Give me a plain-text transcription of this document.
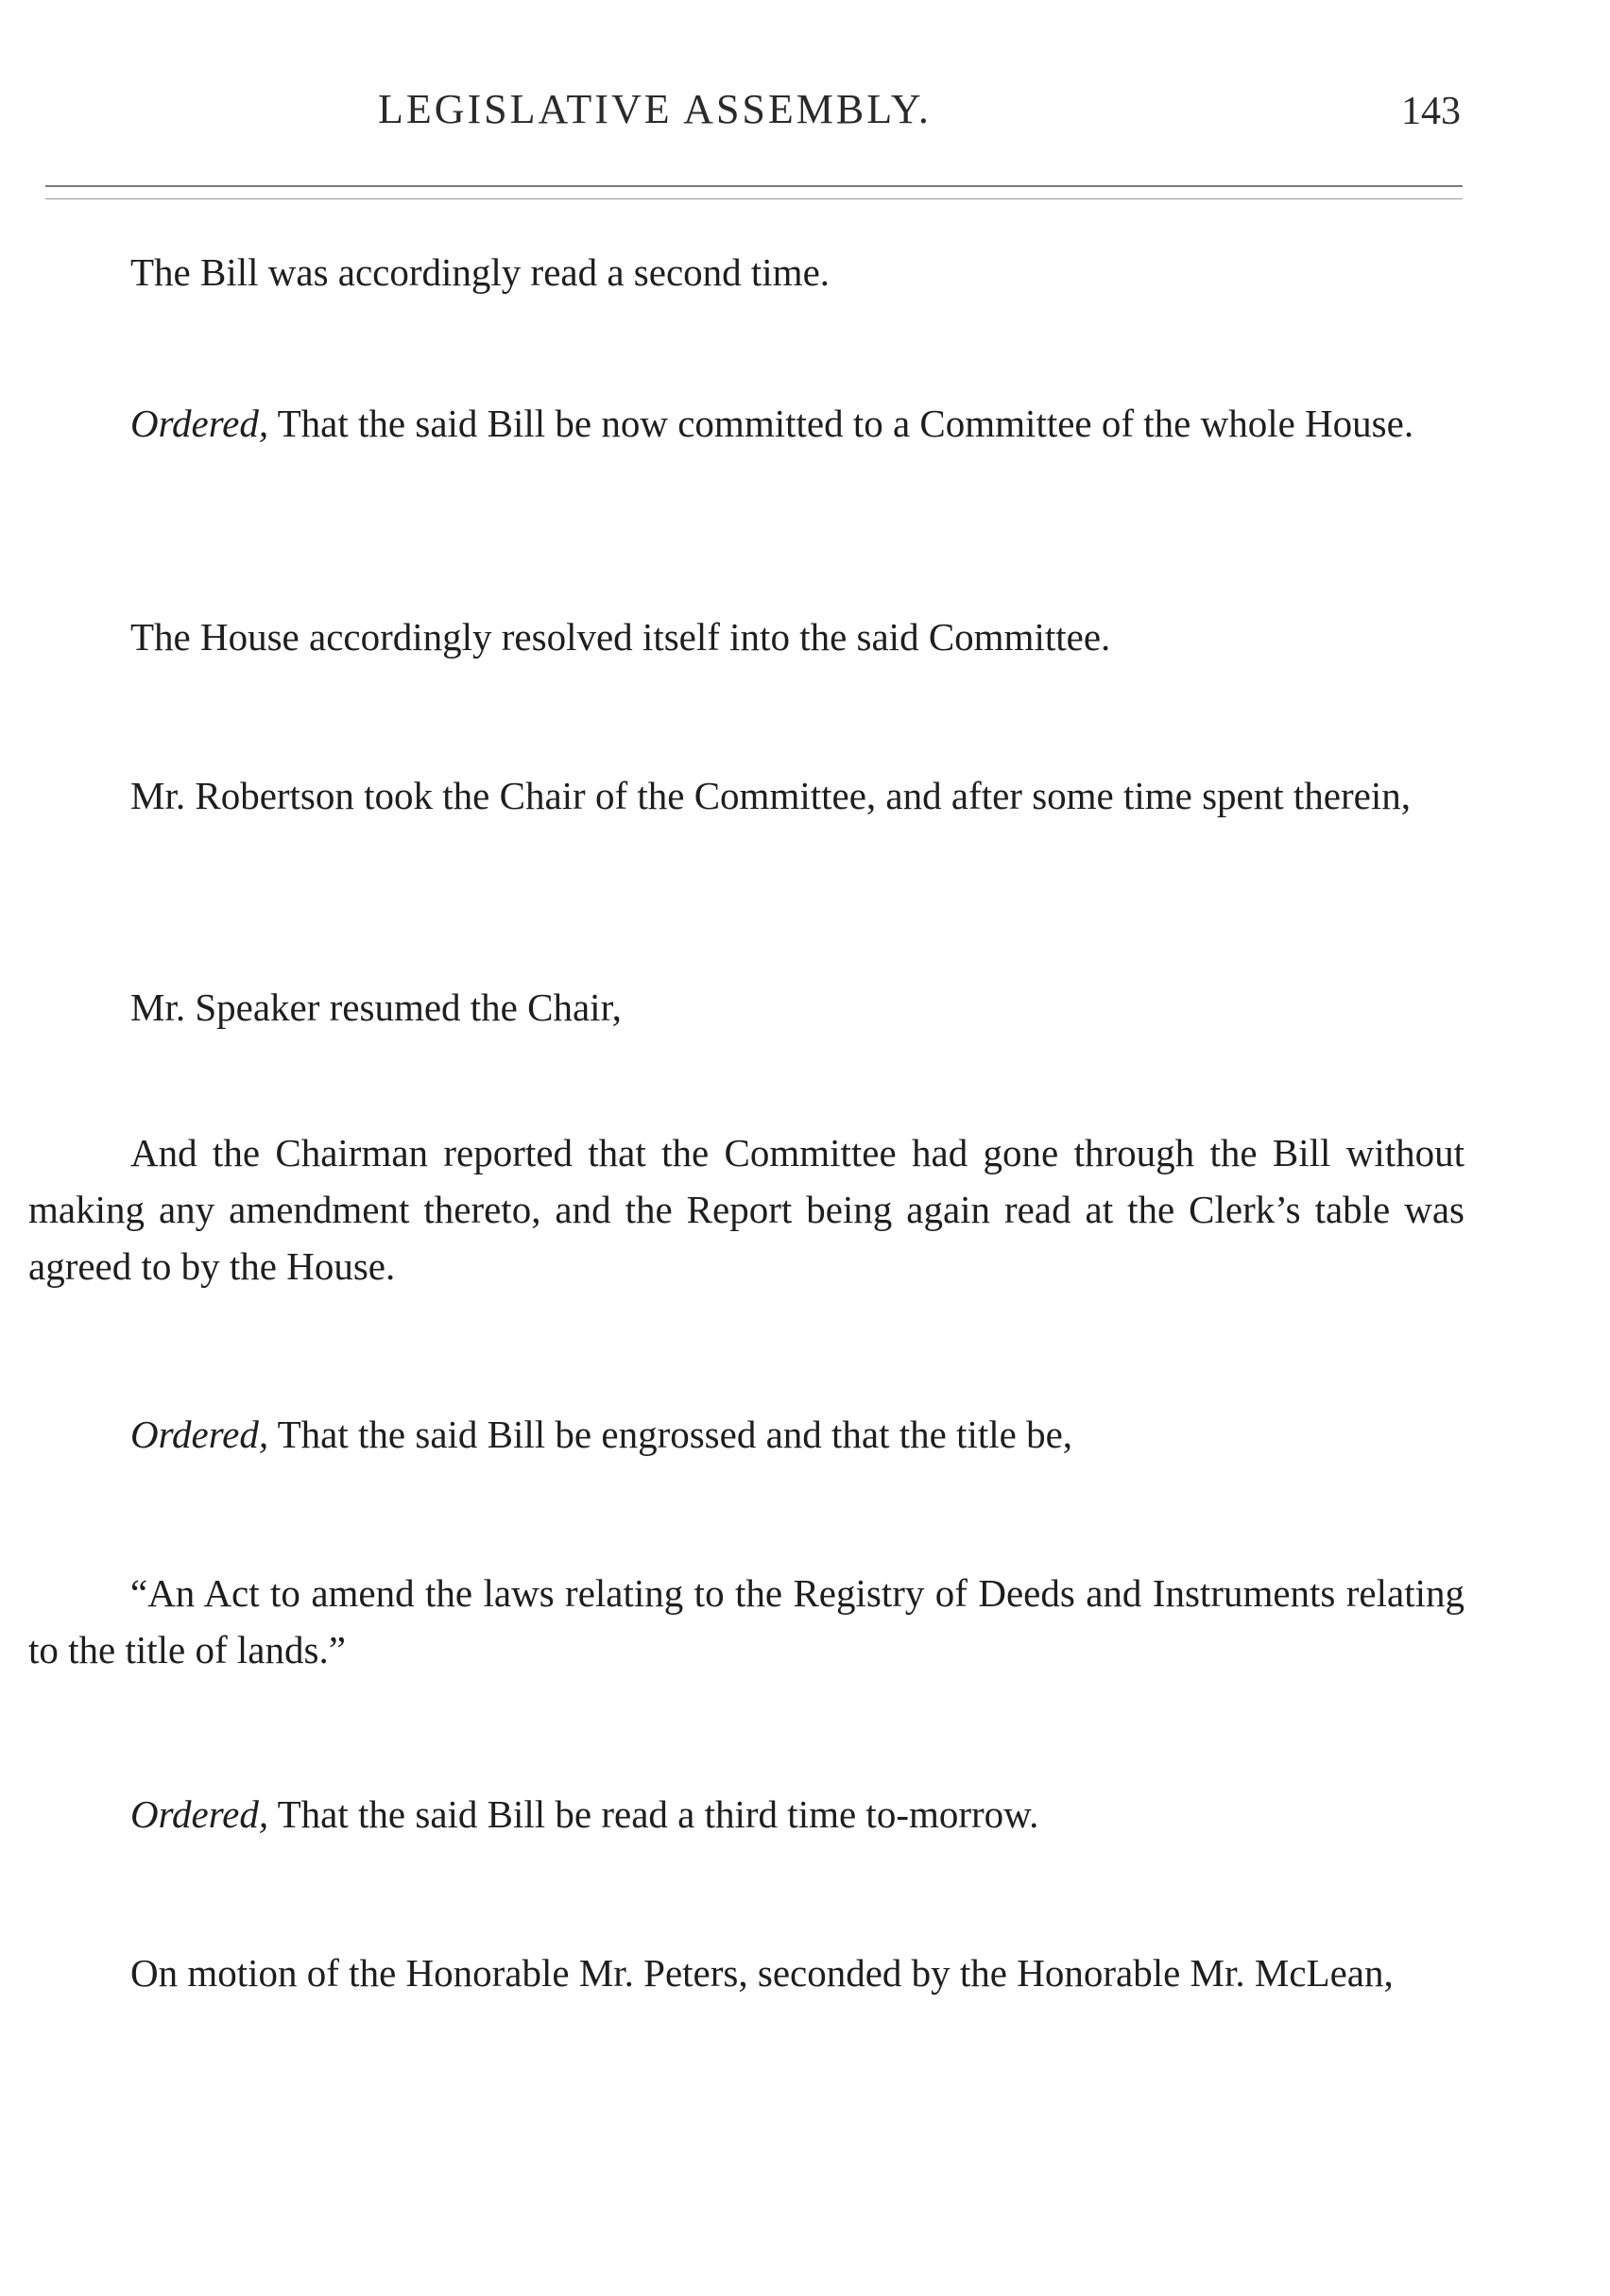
LEGISLATIVE ASSEMBLY.	143

The Bill was accordingly read a second time.

Ordered, That the said Bill be now committed to a Committee of the whole House.

The House accordingly resolved itself into the said Committee.

Mr. Robertson took the Chair of the Committee, and after some time spent therein,

Mr. Speaker resumed the Chair,

And the Chairman reported that the Committee had gone through the Bill without making any amendment thereto, and the Report being again read at the Clerk’s table was agreed to by the House.

Ordered, That the said Bill be engrossed and that the title be,

“An Act to amend the laws relating to the Registry of Deeds and Instruments relating to the title of lands.”

Ordered, That the said Bill be read a third time to-morrow.

On motion of the Honorable Mr. Peters, seconded by the Honorable Mr. McLean,
